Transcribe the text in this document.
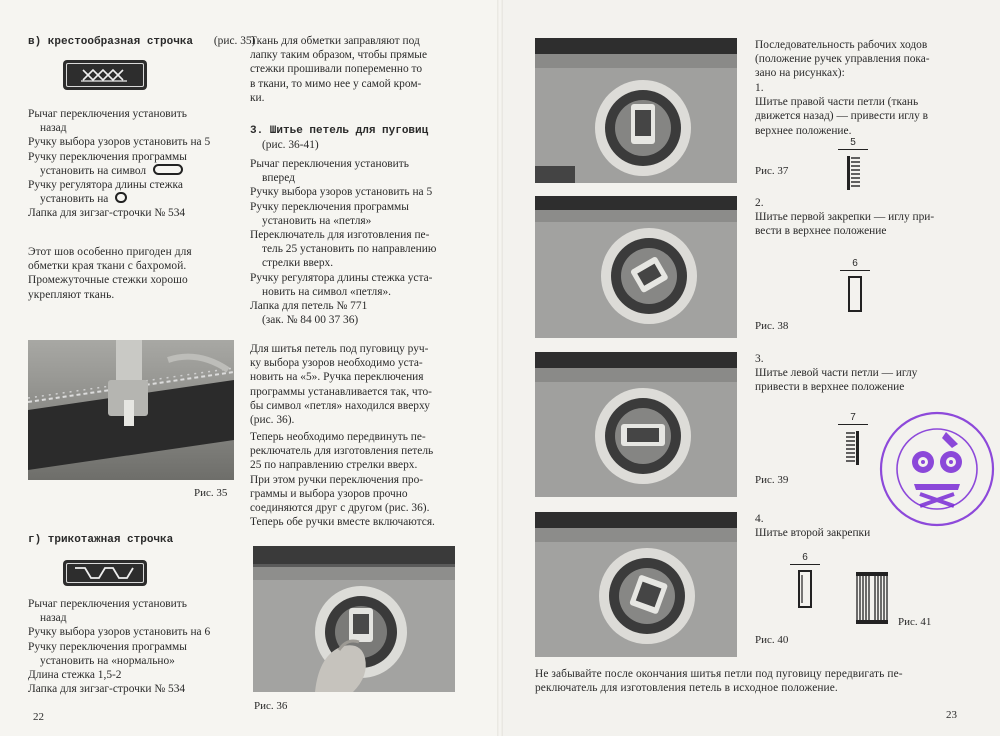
в) крестообразная строчка (рис. 35)
Рычаг переключения установить
назад
Ручку выбора узоров установить на 5
Ручку переключения программы
установить на символ
Ручку регулятора длины стежка
установить на
Лапка для зигзаг-строчки № 534
Этот шов особенно пригоден для
обметки края ткани с бахромой.
Промежуточные стежки хорошо
укрепляют ткань.
Рис. 35
г) трикотажная строчка
Рычаг переключения установить
назад
Ручку выбора узоров установить на 6
Ручку переключения программы
установить на «нормально»
Длина стежка 1,5-2
Лапка для зигзаг-строчки № 534
22
Ткань для обметки заправляют под
лапку таким образом, чтобы прямые
стежки прошивали попеременно то
в ткани, то мимо нее у самой кром-
ки.
3. Шитье петель для пуговиц
(рис. 36-41)
Рычаг переключения установить
вперед
Ручку выбора узоров установить на 5
Ручку переключения программы
установить на «петля»
Переключатель для изготовления пе-
тель 25 установить по направлению
стрелки вверх.
Ручку регулятора длины стежка уста-
новить на символ «петля».
Лапка для петель № 771
(зак. № 84 00 37 36)
Для шитья петель под пуговицу руч-
ку выбора узоров необходимо уста-
новить на «5». Ручка переключения
программы устанавливается так, что-
бы символ «петля» находился вверху
(рис. 36).
Теперь необходимо передвинуть пе-
реключатель для изготовления петель
25 по направлению стрелки вверх.
При этом ручки переключения про-
граммы и выбора узоров прочно
соединяются друг с другом (рис. 36).
Теперь обе ручки вместе включаются.
Рис. 36
Последовательность рабочих ходов
(положение ручек управления пока-
зано на рисунках):
1.
Шитье правой части петли (ткань
движется назад) — привести иглу в
верхнее положение.
Рис. 37
5
2.
Шитье первой закрепки — иглу при-
вести в верхнее положение
Рис. 38
6
3.
Шитье левой части петли — иглу
привести в верхнее положение
Рис. 39
7
4.
Шитье второй закрепки
Рис. 40
6
Рис. 41
Не забывайте после окончания шитья петли под пуговицу передвигать пе-
реключатель для изготовления петель в исходное положение.
23
